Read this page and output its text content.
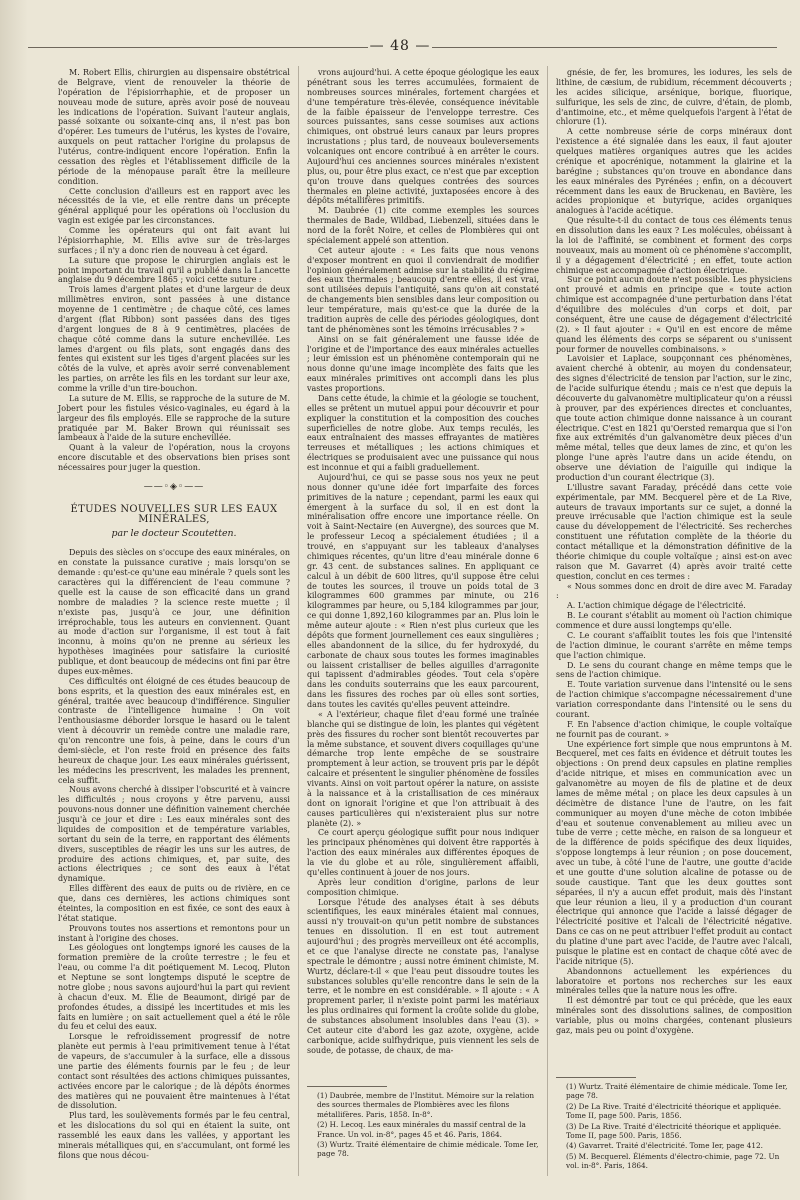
— 48 —

M. Robert Ellis, chirurgien au dispensaire obstétrical de Belgrave, vient de renouveler la théorie de l'opération de l'épisiorrhaphie, et de proposer un nouveau mode de suture, après avoir posé de nouveau les indications de l'opération. Suivant l'auteur anglais, passé soixante ou soixante-cinq ans, il n'est pas bon d'opérer. Les tumeurs de l'utérus, les kystes de l'ovaire, auxquels on peut rattacher l'origine du prolapsus de l'utérus, contre-indiquent encore l'opération. Enfin la cessation des règles et l'établissement difficile de la période de la ménopause paraît être la meilleure condition.

Cette conclusion d'ailleurs est en rapport avec les nécessités de la vie, et elle rentre dans un précepte général appliqué pour les opérations où l'occlusion du vagin est exigée par les circonstances.

Comme les opérateurs qui ont fait avant lui l'épisiorrhaphie, M. Ellis avive sur de très-larges surfaces ; il n'y a donc rien de nouveau à cet égard.

La suture que propose le chirurgien anglais est le point important du travail qu'il a publié dans la Lancette anglaise du 9 décembre 1865 ; voici cette suture :

Trois lames d'argent plates et d'une largeur de deux millimètres environ, sont passées à une distance moyenne de 1 centimètre ; de chaque côté, ces lames d'argent (flat Ribbon) sont passées dans des tiges d'argent longues de 8 à 9 centimètres, placées de chaque côté comme dans la suture enchevillée. Les lames d'argent ou fils plats, sont engagés dans des fentes qui existent sur les tiges d'argent placées sur les côtés de la vulve, et après avoir serré convenablement les parties, on arrête les fils en les tordant sur leur axe, comme la vrille d'un tire-bouchon.

La suture de M. Ellis, se rapproche de la suture de M. Jobert pour les fistules vésico-vaginales, eu égard à la largeur des fils employés. Elle se rapproche de la suture pratiquée par M. Baker Brown qui réunissait ses lambeaux à l'aide de la suture enchevillée.

Quant à la valeur de l'opération, nous la croyons encore discutable et des observations bien prises sont nécessaires pour juger la question.

——◦◈◦——
ÉTUDES NOUVELLES SUR LES EAUX MINÉRALES,
par le docteur Scoutetten.

Depuis des siècles on s'occupe des eaux minérales, on en constate la puissance curative ; mais lorsqu'on se demande : qu'est-ce qu'une eau minérale ? quels sont les caractères qui la différencient de l'eau commune ? quelle est la cause de son efficacité dans un grand nombre de maladies ? la science reste muette ; il n'existe pas, jusqu'à ce jour, une définition irréprochable, tous les auteurs en conviennent. Quant au mode d'action sur l'organisme, il est tout à fait inconnu, à moins qu'on ne prenne au sérieux les hypothèses imaginées pour satisfaire la curiosité publique, et dont beaucoup de médecins ont fini par être dupes eux-mêmes.

Ces difficultés ont éloigné de ces études beaucoup de bons esprits, et la question des eaux minérales est, en général, traitée avec beaucoup d'indifférence. Singulier contraste de l'intelligence humaine ! On voit l'enthousiasme déborder lorsque le hasard ou le talent vient à découvrir un remède contre une maladie rare, qu'on rencontre une fois, à peine, dans le cours d'un demi-siècle, et l'on reste froid en présence des faits heureux de chaque jour. Les eaux minérales guérissent, les médecins les prescrivent, les malades les prennent, cela suffit.

Nous avons cherché à dissiper l'obscurité et à vaincre les difficultés ; nous croyons y être parvenu, aussi pouvons-nous donner une définition vainement cherchée jusqu'à ce jour et dire : Les eaux minérales sont des liquides de composition et de température variables, sortant du sein de la terre, en rapportant des éléments divers, susceptibles de réagir les uns sur les autres, de produire des actions chimiques, et, par suite, des actions électriques ; ce sont des eaux à l'état dynamique.

Elles diffèrent des eaux de puits ou de rivière, en ce que, dans ces dernières, les actions chimiques sont éteintes, la composition en est fixée, ce sont des eaux à l'état statique.

Prouvons toutes nos assertions et remontons pour un instant à l'origine des choses.

Les géologues ont longtemps ignoré les causes de la formation première de la croûte terrestre ; le feu et l'eau, ou comme l'a dit poétiquement M. Lecoq, Pluton et Neptune se sont longtemps disputé le sceptre de notre globe ; nous savons aujourd'hui la part qui revient à chacun d'eux. M. Élie de Beaumont, dirigé par de profondes études, a dissipé les incertitudes et mis les faits en lumière ; on sait actuellement quel a été le rôle du feu et celui des eaux.

Lorsque le refroidissement progressif de notre planète eut permis à l'eau primitivement tenue à l'état de vapeurs, de s'accumuler à la surface, elle a dissous une partie des éléments fournis par le feu ; de leur contact sont résultées des actions chimiques puissantes, activées encore par le calorique ; de là dépôts énormes des matières qui ne pouvaient être maintenues à l'état de dissolution.

Plus tard, les soulèvements formés par le feu central, et les dislocations du sol qui en étaient la suite, ont rassemblé les eaux dans les vallées, y apportant les minerais métalliques qui, en s'accumulant, ont formé les filons que nous décou-

vrons aujourd'hui. A cette époque géologique les eaux pénétrant sous les terres accumulées, formaient de nombreuses sources minérales, fortement chargées et d'une température très-élevée, conséquence inévitable de la faible épaisseur de l'enveloppe terrestre. Ces sources puissantes, sans cesse soumises aux actions chimiques, ont obstrué leurs canaux par leurs propres incrustations ; plus tard, de nouveaux bouleversements volcaniques ont encore contribué à en arrêter le cours. Aujourd'hui ces anciennes sources minérales n'existent plus, ou, pour être plus exact, ce n'est que par exception qu'on trouve dans quelques contrées des sources thermales en pleine activité, juxtaposées encore à des dépôts métallifères primitifs.

M. Daubrée (1) cite comme exemples les sources thermales de Bade, Wildbad, Liebenzell, situées dans le nord de la forêt Noire, et celles de Plombières qui ont spécialement appelé son attention.

Cet auteur ajoute : « Les faits que nous venons d'exposer montrent en quoi il conviendrait de modifier l'opinion généralement admise sur la stabilité du régime des eaux thermales ; beaucoup d'entre elles, il est vrai, sont utilisées depuis l'antiquité, sans qu'on ait constaté de changements bien sensibles dans leur composition ou leur température, mais qu'est-ce que la durée de la tradition auprès de celle des périodes géologiques, dont tant de phénomènes sont les témoins irrécusables ? »

Ainsi on se fait généralement une fausse idée de l'origine et de l'importance des eaux minérales actuelles ; leur émission est un phénomène contemporain qui ne nous donne qu'une image incomplète des faits que les eaux minérales primitives ont accompli dans les plus vastes proportions.

Dans cette étude, la chimie et la géologie se touchent, elles se prêtent un mutuel appui pour découvrir et pour expliquer la constitution et la composition des couches superficielles de notre globe. Aux temps reculés, les eaux entraînaient des masses effrayantes de matières terreuses et métalliques ; les actions chimiques et électriques se produisaient avec une puissance qui nous est inconnue et qui a faibli graduellement.

Aujourd'hui, ce qui se passe sous nos yeux ne peut nous donner qu'une idée fort imparfaite des forces primitives de la nature ; cependant, parmi les eaux qui émergent à la surface du sol, il en est dont la minéralisation offre encore une importance réelle. On voit à Saint-Nectaire (en Auvergne), des sources que M. le professeur Lecoq a spécialement étudiées ; il a trouvé, en s'appuyant sur les tableaux d'analyses chimiques récentes, qu'un litre d'eau minérale donne 6 gr. 43 cent. de substances salines. En appliquant ce calcul à un débit de 600 litres, qu'il suppose être celui de toutes les sources, il trouve un poids total de 3 kilogrammes 600 grammes par minute, ou 216 kilogrammes par heure, ou 5,184 kilogrammes par jour, ce qui donne 1,892,160 kilogrammes par an. Plus loin le même auteur ajoute : « Rien n'est plus curieux que les dépôts que forment journellement ces eaux singulières ; elles abandonnent de la silice, du fer hydroxydé, du carbonate de chaux sous toutes les formes imaginables ou laissent cristalliser de belles aiguilles d'arragonite qui tapissent d'admirables géodes. Tout cela s'opère dans les conduits souterrains que les eaux parcourent, dans les fissures des roches par où elles sont sorties, dans toutes les cavités qu'elles peuvent atteindre.

« A l'extérieur, chaque filet d'eau formé une traînée blanche qui se distingue de loin, les plantes qui végètent près des fissures du rocher sont bientôt recouvertes par la même substance, et souvent divers coquillages qu'une démarche trop lente empêche de se soustraire promptement à leur action, se trouvent pris par le dépôt calcaire et présentent le singulier phénomène de fossiles vivants. Ainsi on voit partout opérer la nature, on assiste à la naissance et à la cristallisation de ces minéraux dont on ignorait l'origine et que l'on attribuait à des causes particulières qui n'existeraient plus sur notre planète (2). »

Ce court aperçu géologique suffit pour nous indiquer les principaux phénomènes qui doivent être rapportés à l'action des eaux minérales aux différentes époques de la vie du globe et au rôle, singulièrement affaibli, qu'elles continuent à jouer de nos jours.

Après leur condition d'origine, parlons de leur composition chimique.

Lorsque l'étude des analyses était à ses débuts scientifiques, les eaux minérales étaient mal connues, aussi n'y trouvait-on qu'un petit nombre de substances tenues en dissolution. Il en est tout autrement aujourd'hui ; des progrès merveilleux ont été accomplis, et ce que l'analyse directe ne constate pas, l'analyse spectrale le démontre ; aussi notre éminent chimiste, M. Wurtz, déclare-t-il « que l'eau peut dissoudre toutes les substances solubles qu'elle rencontre dans le sein de la terre, et le nombre en est considérable. » Il ajoute : « A proprement parler, il n'existe point parmi les matériaux les plus ordinaires qui forment la croûte solide du globe, de substances absolument insolubles dans l'eau (3). » Cet auteur cite d'abord les gaz azote, oxygène, acide carbonique, acide sulfhydrique, puis viennent les sels de soude, de potasse, de chaux, de ma-

(1) Daubrée, membre de l'Institut. Mémoire sur la relation des sources thermales de Plombières avec les filons métallifères. Paris, 1858. In-8°.
(2) H. Lecoq. Les eaux minérales du massif central de la France. Un vol. in-8°, pages 45 et 46. Paris, 1864.
(3) Wurtz. Traité élémentaire de chimie médicale. Tome Ier, page 78.

gnésie, de fer, les bromures, les iodures, les sels de lithine, de cæsium, de rubidium, récemment découverts ; les acides silicique, arsénique, borique, fluorique, sulfurique, les sels de zinc, de cuivre, d'étain, de plomb, d'antimoine, etc., et même quelquefois l'argent à l'état de chlorure (1).

A cette nombreuse série de corps minéraux dont l'existence a été signalée dans les eaux, il faut ajouter quelques matières organiques autres que les acides crénique et apocrénique, notamment la glairine et la barégine ; substances qu'on trouve en abondance dans les eaux minérales des Pyrénées ; enfin, on a découvert récemment dans les eaux de Bruckenau, en Bavière, les acides propionique et butyrique, acides organiques analogues à l'acide acétique.

Que résulte-t-il du contact de tous ces éléments tenus en dissolution dans les eaux ? Les molécules, obéissant à la loi de l'affinité, se combinent et forment des corps nouveaux, mais au moment où ce phénomène s'accomplit, il y a dégagement d'électricité ; en effet, toute action chimique est accompagnée d'action électrique.

Sur ce point aucun doute n'est possible. Les physiciens ont prouvé et admis en principe que « toute action chimique est accompagnée d'une perturbation dans l'état d'équilibre des molécules d'un corps et doit, par conséquent, être une cause de dégagement d'électricité (2). » Il faut ajouter : « Qu'il en est encore de même quand les éléments des corps se séparent ou s'unissent pour former de nouvelles combinaisons. »

Lavoisier et Laplace, soupçonnant ces phénomènes, avaient cherché à obtenir, au moyen du condensateur, des signes d'électricité de tension par l'action, sur le zinc, de l'acide sulfurique étendu ; mais ce n'est que depuis la découverte du galvanomètre multiplicateur qu'on a réussi à prouver, par des expériences directes et concluantes, que toute action chimique donne naissance à un courant électrique. C'est en 1821 qu'Oersted remarqua que si l'on fixe aux extrémités d'un galvanomètre deux pièces d'un même métal, telles que deux lames de zinc, et qu'on les plonge l'une après l'autre dans un acide étendu, on observe une déviation de l'aiguille qui indique la production d'un courant électrique (3).

L'illustre savant Faraday, précédé dans cette voie expérimentale, par MM. Becquerel père et de La Rive, auteurs de travaux importants sur ce sujet, a donné la preuve irrécusable que l'action chimique est la seule cause du développement de l'électricité. Ses recherches constituent une réfutation complète de la théorie du contact métallique et la démonstration définitive de la théorie chimique du couple voltaïque ; ainsi est-on avec raison que M. Gavarret (4) après avoir traité cette question, conclut en ces termes :

« Nous sommes donc en droit de dire avec M. Faraday :

A. L'action chimique dégage de l'électricité.

B. Le courant s'établit au moment où l'action chimique commence et dure aussi longtemps qu'elle.

C. Le courant s'affaiblit toutes les fois que l'intensité de l'action diminue, le courant s'arrête en même temps que l'action chimique.

D. Le sens du courant change en même temps que le sens de l'action chimique.

E. Toute variation survenue dans l'intensité ou le sens de l'action chimique s'accompagne nécessairement d'une variation correspondante dans l'intensité ou le sens du courant.

F. En l'absence d'action chimique, le couple voltaïque ne fournit pas de courant. »

Une expérience fort simple que nous empruntons à M. Becquerel, met ces faits en évidence et détruit toutes les objections : On prend deux capsules en platine remplies d'acide nitrique, et mises en communication avec un galvanomètre au moyen de fils de platine et de deux lames de même métal ; on place les deux capsules à un décimètre de distance l'une de l'autre, on les fait communiquer au moyen d'une mèche de coton imbibée d'eau et soutenue convenablement au milieu avec un tube de verre ; cette mèche, en raison de sa longueur et de la différence de poids spécifique des deux liquides, s'oppose longtemps à leur réunion ; on pose doucement, avec un tube, à côté l'une de l'autre, une goutte d'acide et une goutte d'une solution alcaline de potasse ou de soude caustique. Tant que les deux gouttes sont séparées, il n'y a aucun effet produit, mais dès l'instant que leur réunion a lieu, il y a production d'un courant électrique qui annonce que l'acide a laissé dégager de l'électricité positive et l'alcali de l'électricité négative. Dans ce cas on ne peut attribuer l'effet produit au contact du platine d'une part avec l'acide, de l'autre avec l'alcali, puisque le platine est en contact de chaque côté avec de l'acide nitrique (5).

Abandonnons actuellement les expériences du laboratoire et portons nos recherches sur les eaux minérales telles que la nature nous les offre.

Il est démontré par tout ce qui précède, que les eaux minérales sont des dissolutions salines, de composition variable, plus ou moins chargées, contenant plusieurs gaz, mais peu ou point d'oxygène.

(1) Wurtz. Traité élémentaire de chimie médicale. Tome Ier, page 78.
(2) De La Rive. Traité d'électricité théorique et appliquée. Tome II, page 500. Paris, 1856.
(3) De La Rive. Traité d'électricité théorique et appliquée. Tome II, page 500. Paris, 1856.
(4) Gavarret. Traité d'électricité. Tome Ier, page 412.
(5) M. Becquerel. Éléments d'électro-chimie, page 72. Un vol. in-8°. Paris, 1864.
